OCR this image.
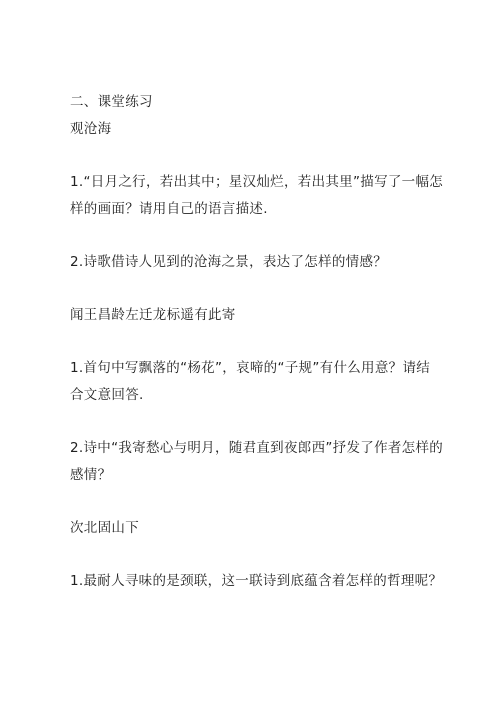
二、课堂练习
观沧海
1.“日月之行，若出其中；星汉灿烂，若出其里”描写了一幅怎
样的画面？请用自己的语言描述.
2.诗歌借诗人见到的沧海之景，表达了怎样的情感？
闻王昌龄左迁龙标遥有此寄
1.首句中写飘落的“杨花”，哀啼的“子规”有什么用意？请结
合文意回答.
2.诗中“我寄愁心与明月，随君直到夜郎西”抒发了作者怎样的
感情？
次北固山下
1.最耐人寻味的是颈联，这一联诗到底蕴含着怎样的哲理呢？
